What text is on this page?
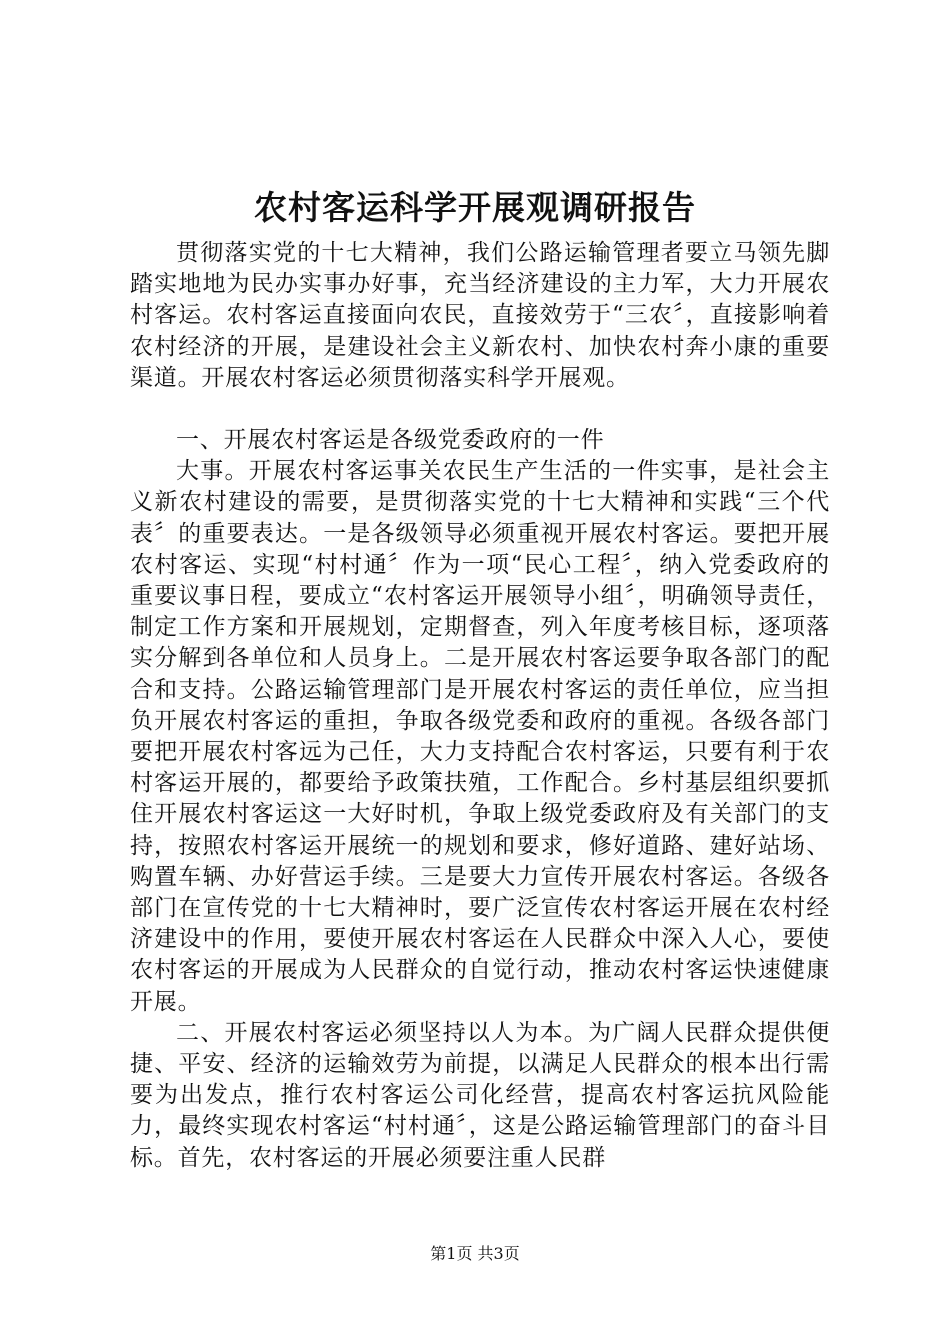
农村客运科学开展观调研报告

贯彻落实党的十七大精神，我们公路运输管理者要立马领先脚踏实地地为民办实事办好事，充当经济建设的主力军，大力开展农村客运。农村客运直接面向农民，直接效劳于“三农〞，直接影响着农村经济的开展，是建设社会主义新农村、加快农村奔小康的重要渠道。开展农村客运必须贯彻落实科学开展观。

一、开展农村客运是各级党委政府的一件

大事。开展农村客运事关农民生产生活的一件实事，是社会主义新农村建设的需要，是贯彻落实党的十七大精神和实践“三个代表〞的重要表达。一是各级领导必须重视开展农村客运。要把开展农村客运、实现“村村通〞作为一项“民心工程〞，纳入党委政府的重要议事日程，要成立“农村客运开展领导小组〞，明确领导责任，制定工作方案和开展规划，定期督查，列入年度考核目标，逐项落实分解到各单位和人员身上。二是开展农村客运要争取各部门的配合和支持。公路运输管理部门是开展农村客运的责任单位，应当担负开展农村客运的重担，争取各级党委和政府的重视。各级各部门要把开展农村客远为己任，大力支持配合农村客运，只要有利于农村客运开展的，都要给予政策扶殖，工作配合。乡村基层组织要抓住开展农村客运这一大好时机，争取上级党委政府及有关部门的支持，按照农村客运开展统一的规划和要求，修好道路、建好站场、购置车辆、办好营运手续。三是要大力宣传开展农村客运。各级各部门在宣传党的十七大精神时，要广泛宣传农村客运开展在农村经济建设中的作用，要使开展农村客运在人民群众中深入人心，要使农村客运的开展成为人民群众的自觉行动，推动农村客运快速健康开展。

二、开展农村客运必须坚持以人为本。为广阔人民群众提供便捷、平安、经济的运输效劳为前提，以满足人民群众的根本出行需要为出发点，推行农村客运公司化经营，提高农村客运抗风险能力，最终实现农村客运“村村通〞，这是公路运输管理部门的奋斗目标。首先，农村客运的开展必须要注重人民群

第1页 共3页
